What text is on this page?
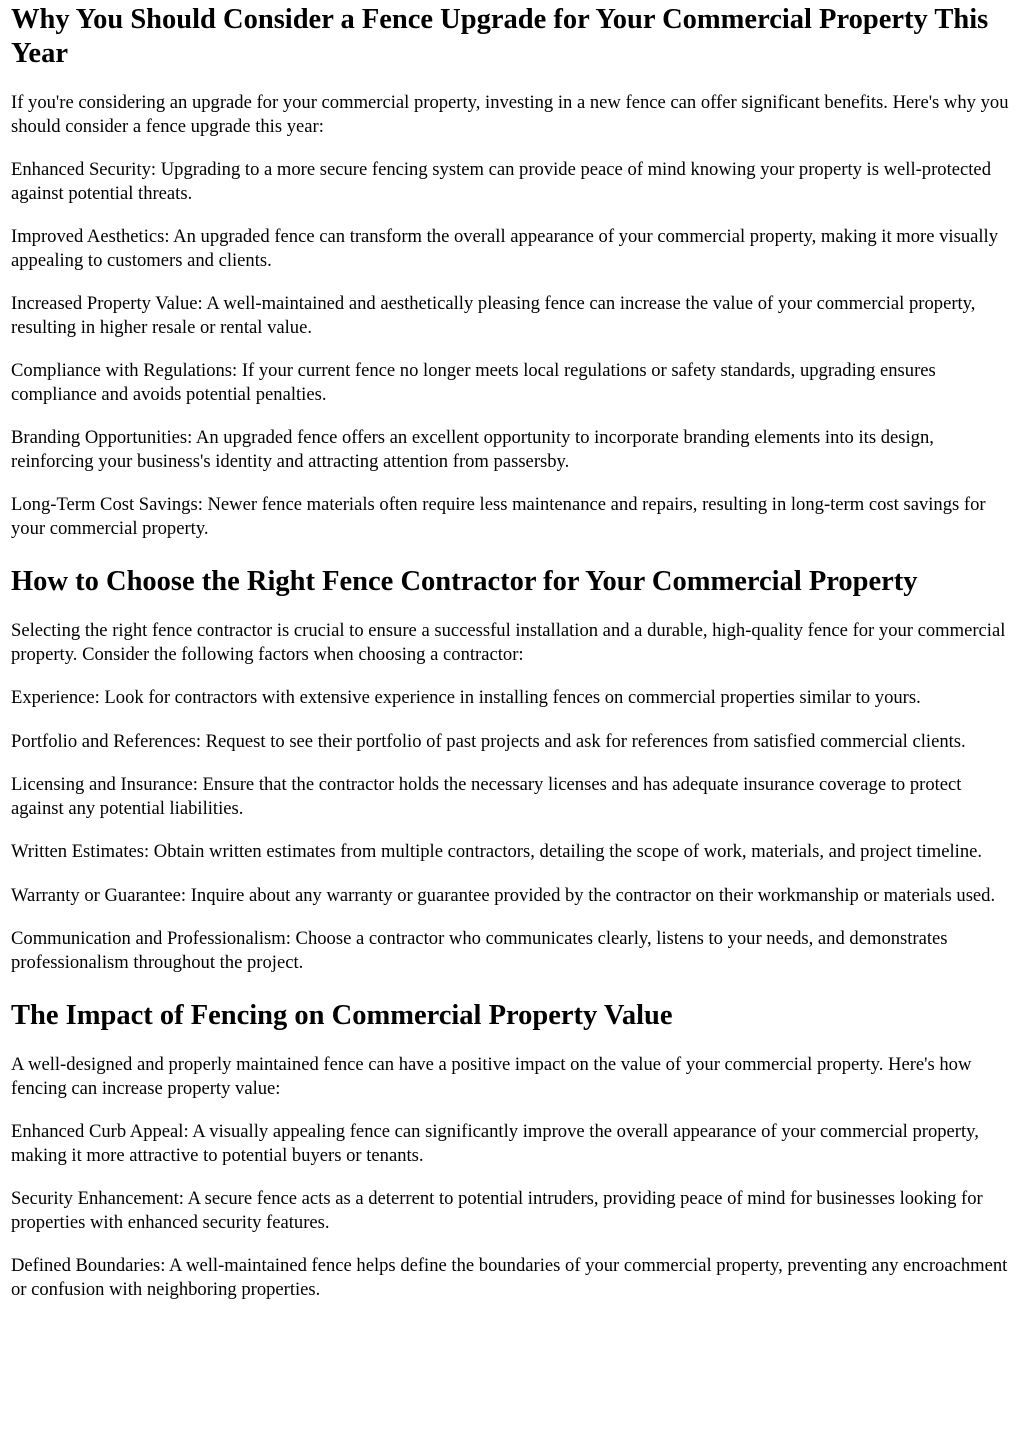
Why You Should Consider a Fence Upgrade for Your Commercial Property This Year

If you're considering an upgrade for your commercial property, investing in a new fence can offer significant benefits. Here's why you should consider a fence upgrade this year:

Enhanced Security: Upgrading to a more secure fencing system can provide peace of mind knowing your property is well-protected against potential threats.

Improved Aesthetics: An upgraded fence can transform the overall appearance of your commercial property, making it more visually appealing to customers and clients.

Increased Property Value: A well-maintained and aesthetically pleasing fence can increase the value of your commercial property, resulting in higher resale or rental value.

Compliance with Regulations: If your current fence no longer meets local regulations or safety standards, upgrading ensures compliance and avoids potential penalties.

Branding Opportunities: An upgraded fence offers an excellent opportunity to incorporate branding elements into its design, reinforcing your business's identity and attracting attention from passersby.

Long-Term Cost Savings: Newer fence materials often require less maintenance and repairs, resulting in long-term cost savings for your commercial property.

How to Choose the Right Fence Contractor for Your Commercial Property

Selecting the right fence contractor is crucial to ensure a successful installation and a durable, high-quality fence for your commercial property. Consider the following factors when choosing a contractor:

Experience: Look for contractors with extensive experience in installing fences on commercial properties similar to yours.

Portfolio and References: Request to see their portfolio of past projects and ask for references from satisfied commercial clients.

Licensing and Insurance: Ensure that the contractor holds the necessary licenses and has adequate insurance coverage to protect against any potential liabilities.

Written Estimates: Obtain written estimates from multiple contractors, detailing the scope of work, materials, and project timeline.

Warranty or Guarantee: Inquire about any warranty or guarantee provided by the contractor on their workmanship or materials used.

Communication and Professionalism: Choose a contractor who communicates clearly, listens to your needs, and demonstrates professionalism throughout the project.

The Impact of Fencing on Commercial Property Value

A well-designed and properly maintained fence can have a positive impact on the value of your commercial property. Here's how fencing can increase property value:

Enhanced Curb Appeal: A visually appealing fence can significantly improve the overall appearance of your commercial property, making it more attractive to potential buyers or tenants.

Security Enhancement: A secure fence acts as a deterrent to potential intruders, providing peace of mind for businesses looking for properties with enhanced security features.

Defined Boundaries: A well-maintained fence helps define the boundaries of your commercial property, preventing any encroachment or confusion with neighboring properties.
